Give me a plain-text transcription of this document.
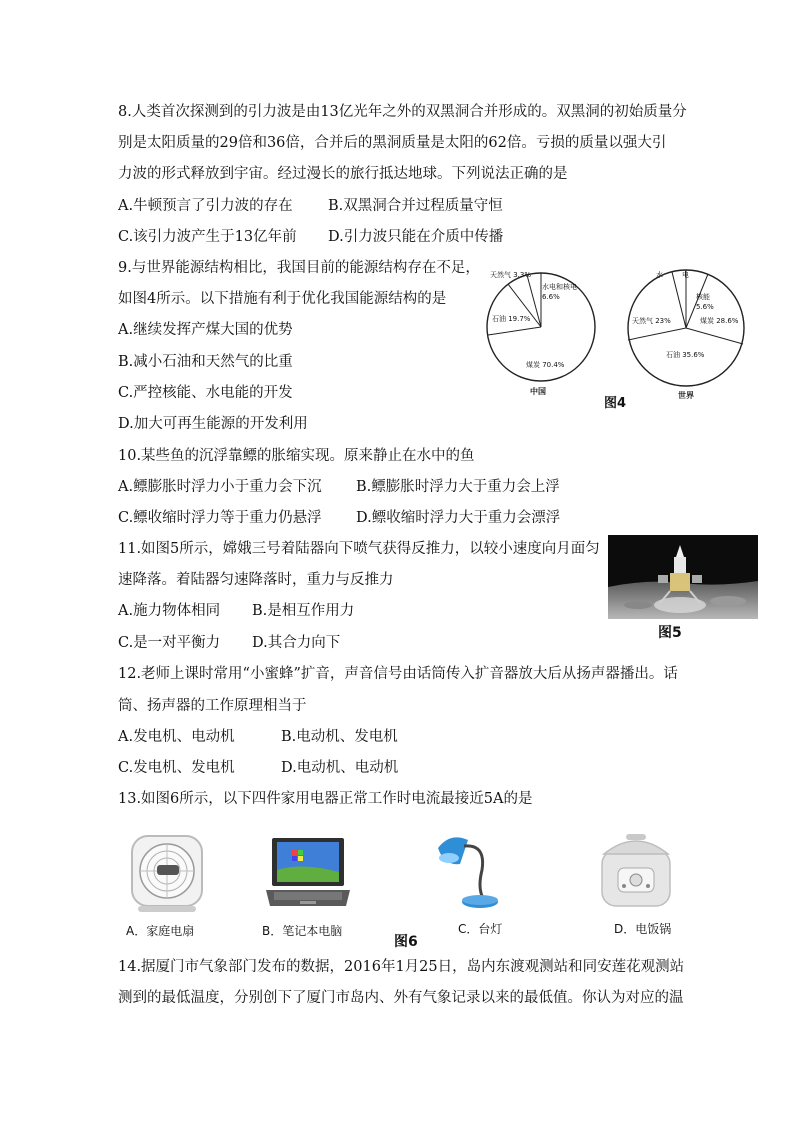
8.人类首次探测到的引力波是由13亿光年之外的双黑洞合并形成的。双黑洞的初始质量分
别是太阳质量的29倍和36倍，合并后的黑洞质量是太阳的62倍。亏损的质量以强大引
力波的形式释放到宇宙。经过漫长的旅行抵达地球。下列说法正确的是
A.牛顿预言了引力波的存在 B.双黑洞合并过程质量守恒
C.该引力波产生于13亿年前 D.引力波只能在介质中传播
9.与世界能源结构相比，我国目前的能源结构存在不足，
如图4所示。以下措施有利于优化我国能源结构的是
A.继续发挥产煤大国的优势
B.减小石油和天然气的比重
C.严控核能、水电能的开发
D.加大可再生能源的开发利用
天然气 3.3%
水电和核电
6.6%
石油 19.7%
煤炭 70.4%
水	电
核能
5.6%
天然气 23%	煤炭 28.6%
石油 35.6%
中国
图4
世界
10.某些鱼的沉浮靠鳔的胀缩实现。原来静止在水中的鱼
A.鳔膨胀时浮力小于重力会下沉 B.鳔膨胀时浮力大于重力会上浮
C.鳔收缩时浮力等于重力仍悬浮 D.鳔收缩时浮力大于重力会漂浮
11.如图5所示，嫦娥三号着陆器向下喷气获得反推力，以较小速度向月面匀
速降落。着陆器匀速降落时，重力与反推力
A.施力物体相同 B.是相互作用力
C.是一对平衡力 D.其合力向下
图5
12.老师上课时常用“小蜜蜂”扩音，声音信号由话筒传入扩音器放大后从扬声器播出。话
筒、扬声器的工作原理相当于
A.发电机、电动机	B.电动机、发电机
C.发电机、发电机	D.电动机、电动机
13.如图6所示，以下四件家用电器正常工作时电流最接近5A的是
A．家庭电扇	B．笔记本电脑	C．台灯	D．电饭锅
图6
14.据厦门市气象部门发布的数据，2016年1月25日，岛内东渡观测站和同安莲花观测站
测到的最低温度，分别创下了厦门市岛内、外有气象记录以来的最低值。你认为对应的温
